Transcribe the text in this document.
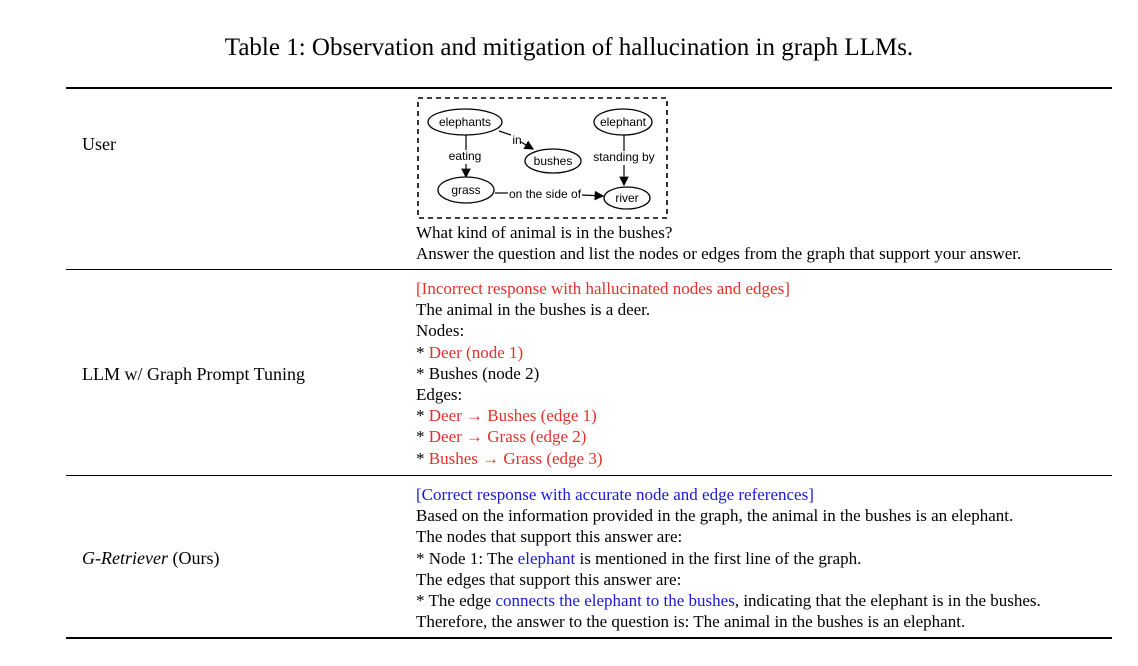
Table 1: Observation and mitigation of hallucination in graph LLMs.
User
elephants	elephant
bushes
grass
river
eating
in
standing by
on the side of
What kind of animal is in the bushes?
Answer the question and list the nodes or edges from the graph that support your answer.
LLM w/ Graph Prompt Tuning
[Incorrect response with hallucinated nodes and edges]
The animal in the bushes is a deer.
Nodes:
* Deer (node 1)
* Bushes (node 2)
Edges:
* Deer → Bushes (edge 1)
* Deer → Grass (edge 2)
* Bushes → Grass (edge 3)
G-Retriever (Ours)
[Correct response with accurate node and edge references]
Based on the information provided in the graph, the animal in the bushes is an elephant.
The nodes that support this answer are:
* Node 1: The elephant is mentioned in the first line of the graph.
The edges that support this answer are:
* The edge connects the elephant to the bushes, indicating that the elephant is in the bushes.
Therefore, the answer to the question is: The animal in the bushes is an elephant.
